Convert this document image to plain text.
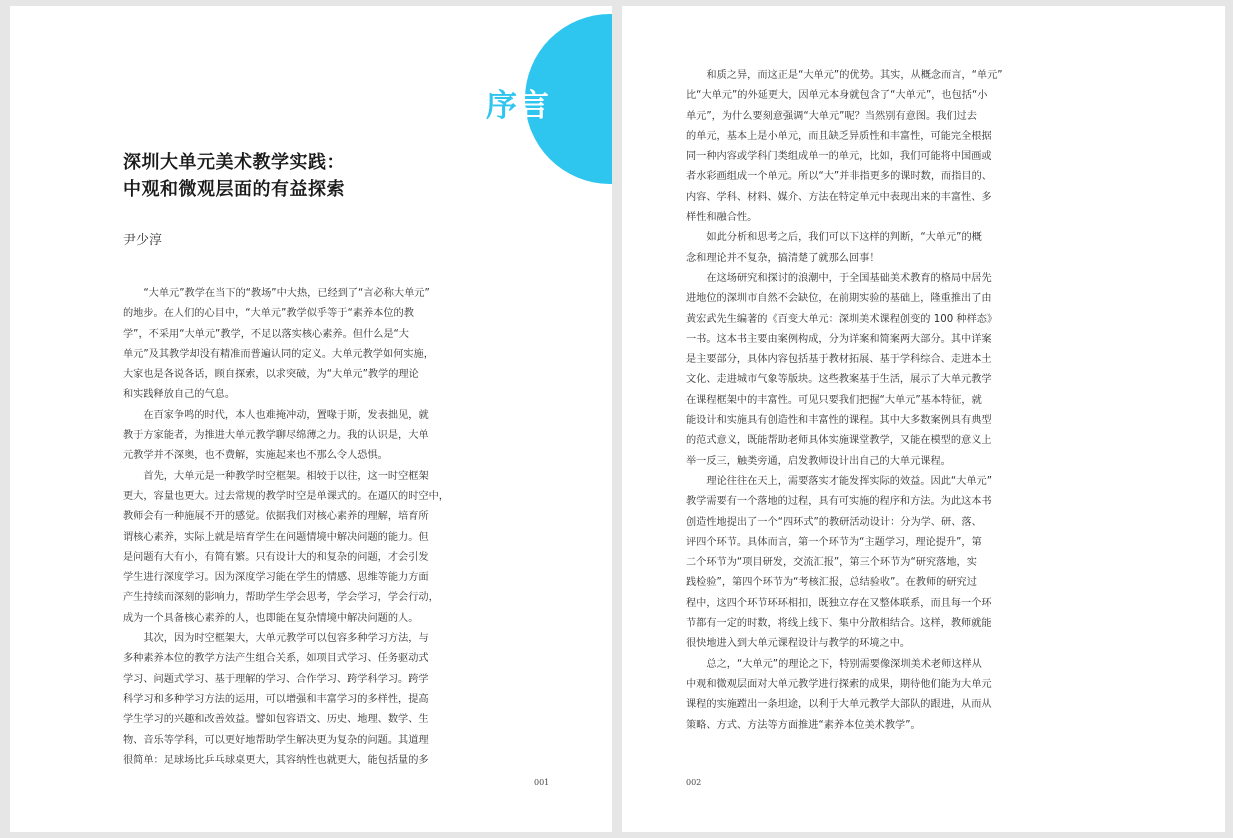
序言
深圳大单元美术教学实践：
中观和微观层面的有益探索
尹少淳

“大单元”教学在当下的“教场”中大热，已经到了“言必称大单元”

的地步。在人们的心目中，“大单元”教学似乎等于“素养本位的教

学”，不采用“大单元”教学，不足以落实核心素养。但什么是“大

单元”及其教学却没有精准而普遍认同的定义。大单元教学如何实施，

大家也是各说各话，顾自探索，以求突破，为“大单元”教学的理论

和实践释放自己的气息。

在百家争鸣的时代，本人也难掩冲动，置喙于斯，发表拙见，就

教于方家能者，为推进大单元教学聊尽绵薄之力。我的认识是，大单

元教学并不深奥，也不费解，实施起来也不那么令人恐惧。

首先，大单元是一种教学时空框架。相较于以往，这一时空框架

更大，容量也更大。过去常规的教学时空是单课式的。在逼仄的时空中，

教师会有一种施展不开的感觉。依据我们对核心素养的理解，培育所

谓核心素养，实际上就是培育学生在问题情境中解决问题的能力。但

是问题有大有小，有简有繁。只有设计大的和复杂的问题，才会引发

学生进行深度学习。因为深度学习能在学生的情感、思维等能力方面

产生持续而深刻的影响力，帮助学生学会思考，学会学习，学会行动，

成为一个具备核心素养的人，也即能在复杂情境中解决问题的人。

其次，因为时空框架大，大单元教学可以包容多种学习方法，与

多种素养本位的教学方法产生组合关系，如项目式学习、任务驱动式

学习、问题式学习、基于理解的学习、合作学习、跨学科学习。跨学

科学习和多种学习方法的运用，可以增强和丰富学习的多样性，提高

学生学习的兴趣和改善效益。譬如包容语文、历史、地理、数学、生

物、音乐等学科，可以更好地帮助学生解决更为复杂的问题。其道理

很简单：足球场比乒乓球桌更大，其容纳性也就更大，能包括量的多

001

和质之异，而这正是“大单元”的优势。其实，从概念而言，“单元”

比“大单元”的外延更大，因单元本身就包含了“大单元”，也包括“小

单元”，为什么要刻意强调“大单元”呢？当然别有意图。我们过去

的单元，基本上是小单元，而且缺乏异质性和丰富性，可能完全根据

同一种内容或学科门类组成单一的单元，比如，我们可能将中国画或

者水彩画组成一个单元。所以“大”并非指更多的课时数，而指目的、

内容、学科、材料、媒介、方法在特定单元中表现出来的丰富性、多

样性和融合性。

如此分析和思考之后，我们可以下这样的判断，“大单元”的概

念和理论并不复杂，搞清楚了就那么回事！

在这场研究和探讨的浪潮中，于全国基础美术教育的格局中居先

进地位的深圳市自然不会缺位，在前期实验的基础上，隆重推出了由

黄宏武先生编著的《百变大单元：深圳美术课程创变的 100 种样态》

一书。这本书主要由案例构成，分为详案和简案两大部分。其中详案

是主要部分，具体内容包括基于教材拓展、基于学科综合、走进本土

文化、走进城市气象等版块。这些教案基于生活，展示了大单元教学

在课程框架中的丰富性。可见只要我们把握“大单元”基本特征，就

能设计和实施具有创造性和丰富性的课程。其中大多数案例具有典型

的范式意义，既能帮助老师具体实施课堂教学，又能在模型的意义上

举一反三，触类旁通，启发教师设计出自己的大单元课程。

理论往往在天上，需要落实才能发挥实际的效益。因此“大单元”

教学需要有一个落地的过程，具有可实施的程序和方法。为此这本书

创造性地提出了一个“四环式”的教研活动设计：分为学、研、落、

评四个环节。具体而言，第一个环节为“主题学习，理论提升”，第

二个环节为“项目研发，交流汇报”，第三个环节为“研究落地，实

践检验”，第四个环节为“考核汇报，总结验收”。在教师的研究过

程中，这四个环节环环相扣，既独立存在又整体联系，而且每一个环

节都有一定的时数，将线上线下、集中分散相结合。这样，教师就能

很快地进入到大单元课程设计与教学的环境之中。

总之，“大单元”的理论之下，特别需要像深圳美术老师这样从

中观和微观层面对大单元教学进行探索的成果，期待他们能为大单元

课程的实施蹚出一条坦途，以利于大单元教学大部队的跟进，从而从

策略、方式、方法等方面推进“素养本位美术教学”。

002
